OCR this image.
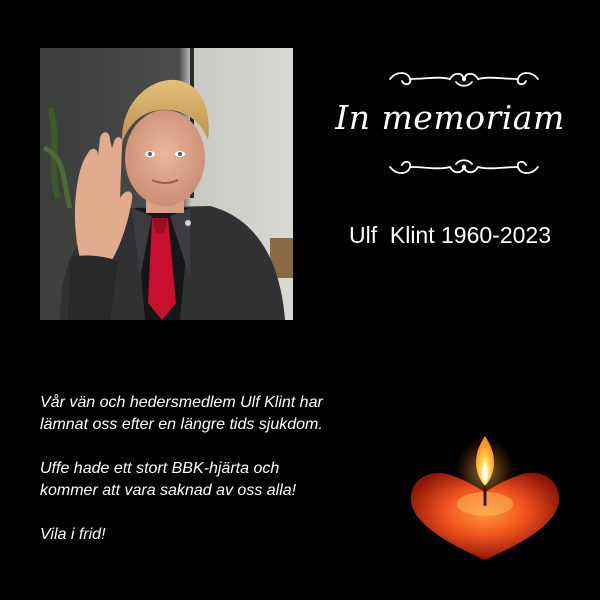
In memoriam
Ulf  Klint 1960-2023

Vår vän och hedersmedlem Ulf Klint har
lämnat oss efter en längre tids sjukdom.

Uffe hade ett stort BBK-hjärta och
kommer att vara saknad av oss alla!

Vila i frid!
